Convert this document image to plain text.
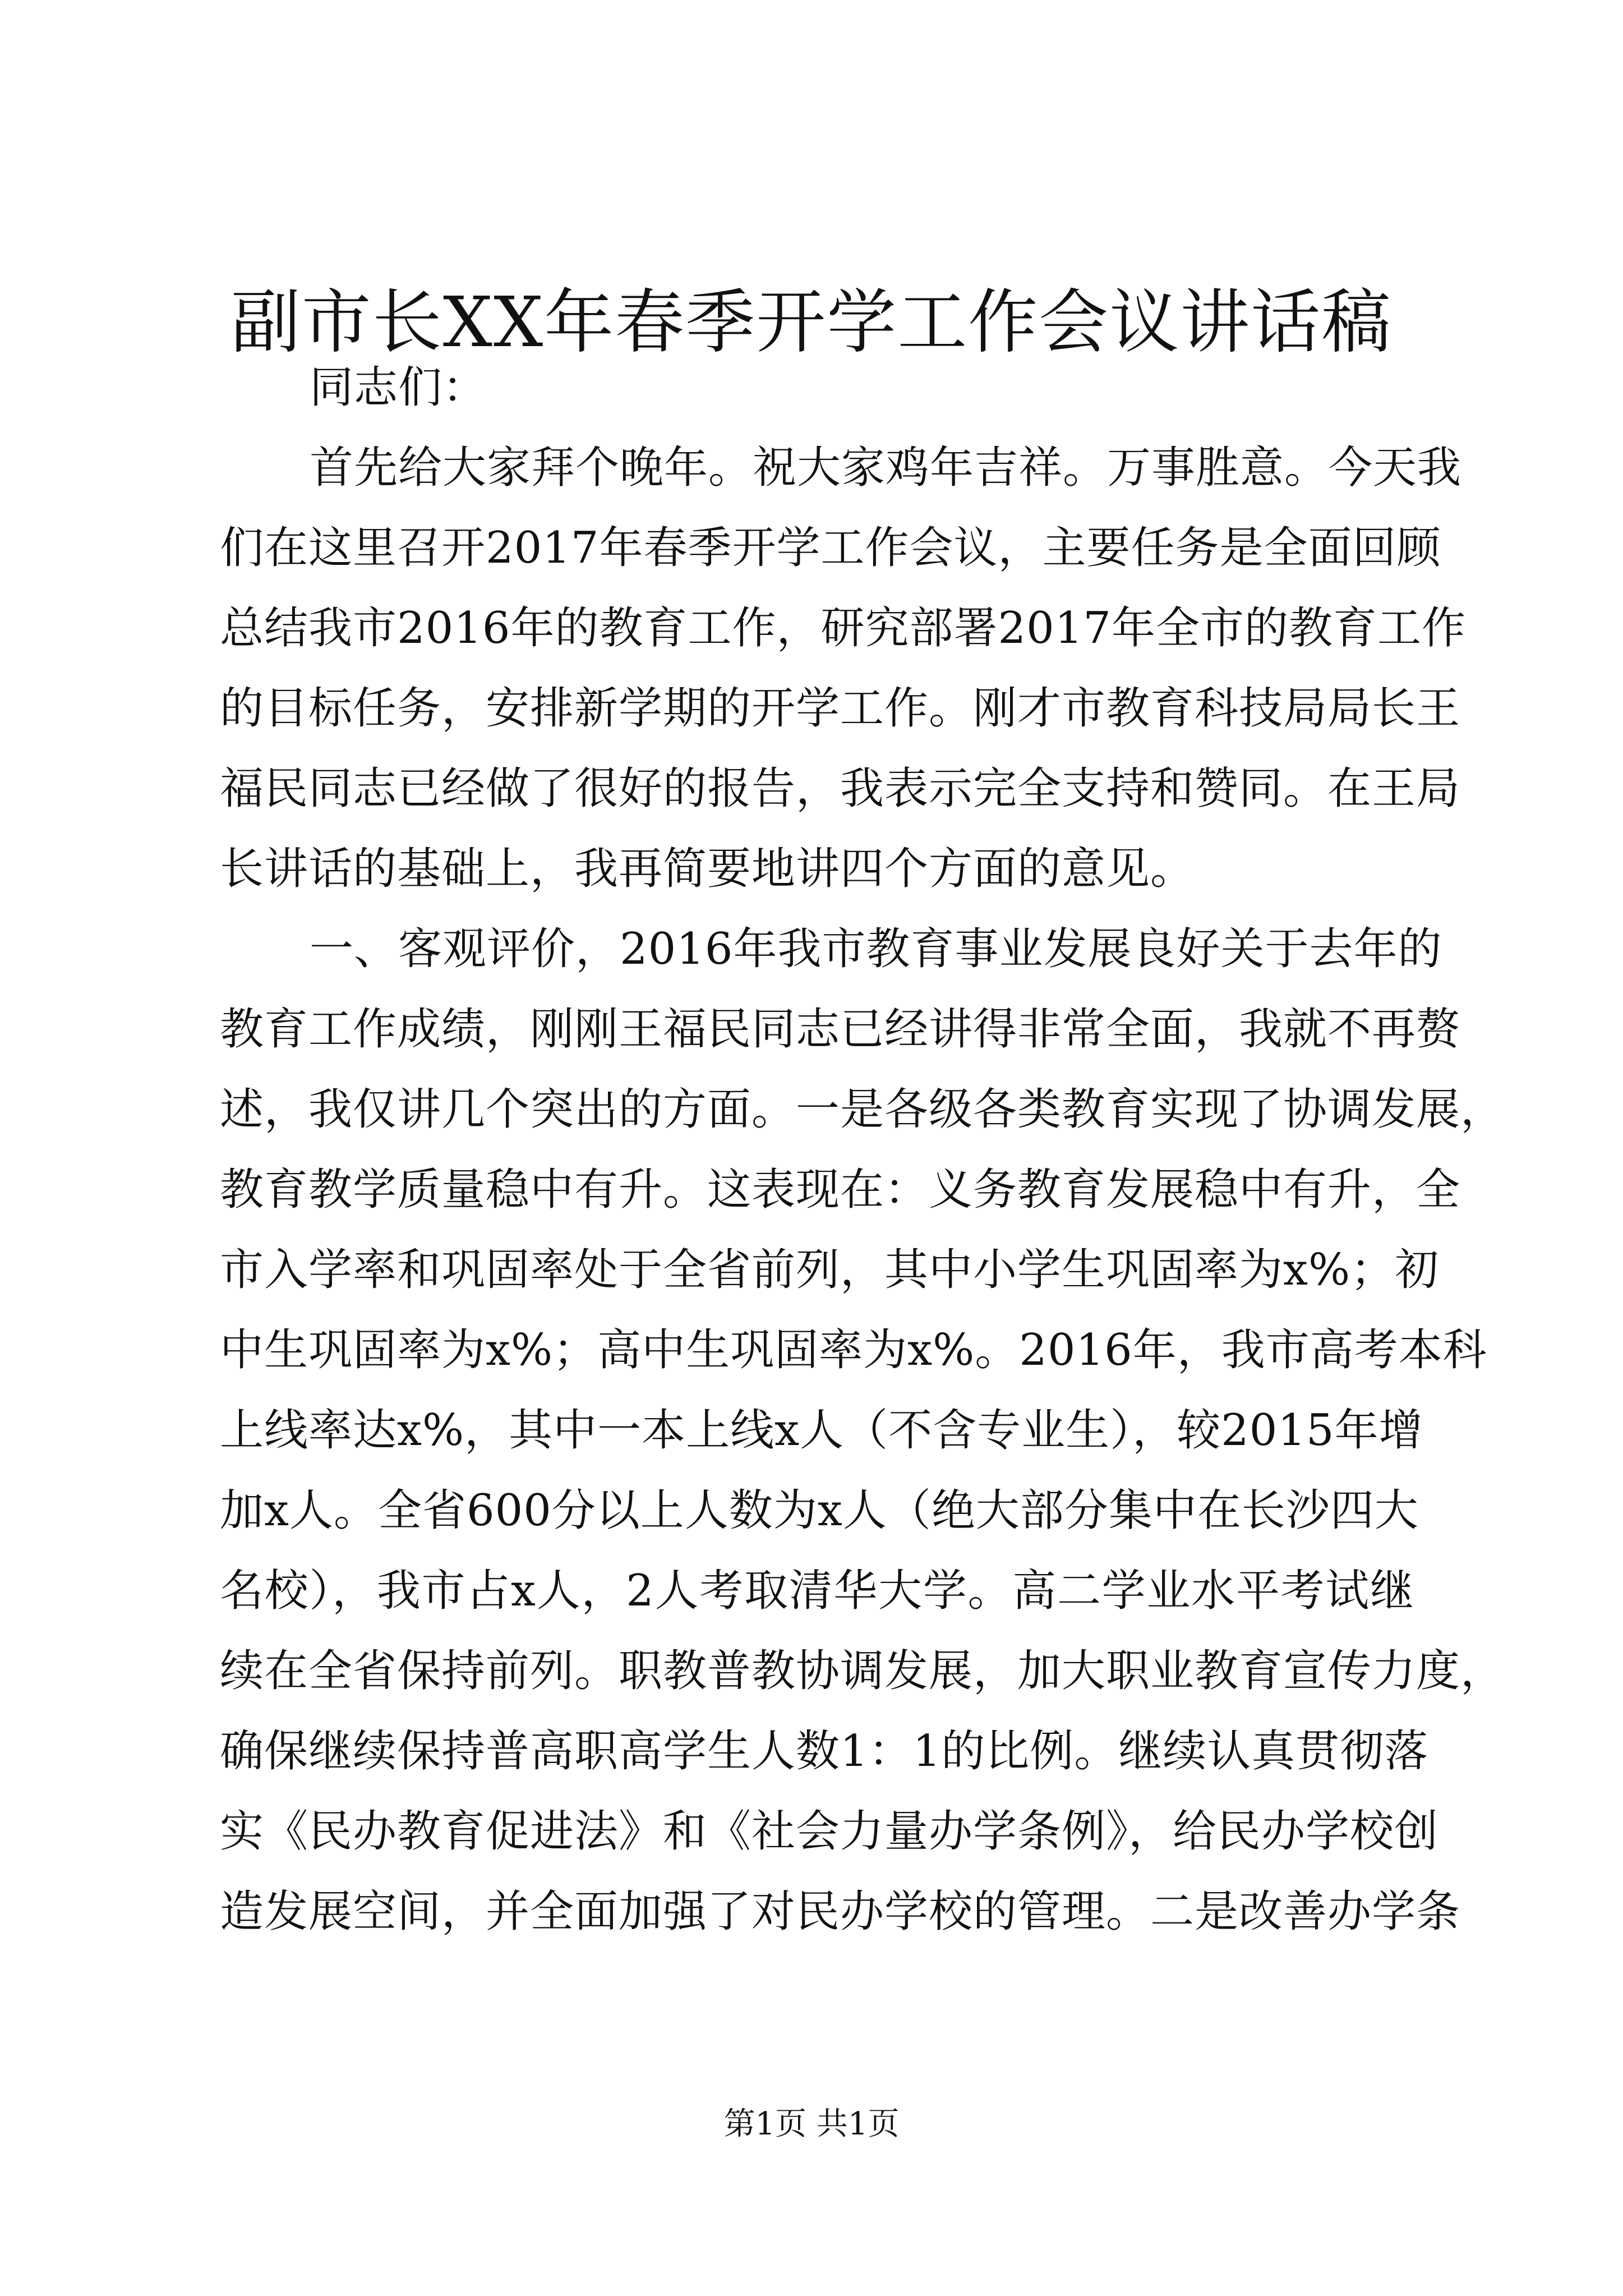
副市长XX年春季开学工作会议讲话稿
同志们：
首先给大家拜个晚年。祝大家鸡年吉祥。万事胜意。今天我
们在这里召开2017年春季开学工作会议，主要任务是全面回顾
总结我市2016年的教育工作，研究部署2017年全市的教育工作
的目标任务，安排新学期的开学工作。刚才市教育科技局局长王
福民同志已经做了很好的报告，我表示完全支持和赞同。在王局
长讲话的基础上，我再简要地讲四个方面的意见。
一、客观评价，2016年我市教育事业发展良好关于去年的
教育工作成绩，刚刚王福民同志已经讲得非常全面，我就不再赘
述，我仅讲几个突出的方面。一是各级各类教育实现了协调发展，
教育教学质量稳中有升。这表现在：义务教育发展稳中有升，全
市入学率和巩固率处于全省前列，其中小学生巩固率为x%；初
中生巩固率为x%；高中生巩固率为x%。2016年，我市高考本科
上线率达x%，其中一本上线x人（不含专业生），较2015年增
加x人。全省600分以上人数为x人（绝大部分集中在长沙四大
名校），我市占x人，2人考取清华大学。高二学业水平考试继
续在全省保持前列。职教普教协调发展，加大职业教育宣传力度，
确保继续保持普高职高学生人数1：1的比例。继续认真贯彻落
实《民办教育促进法》和《社会力量办学条例》，给民办学校创
造发展空间，并全面加强了对民办学校的管理。二是改善办学条
第1页 共1页
